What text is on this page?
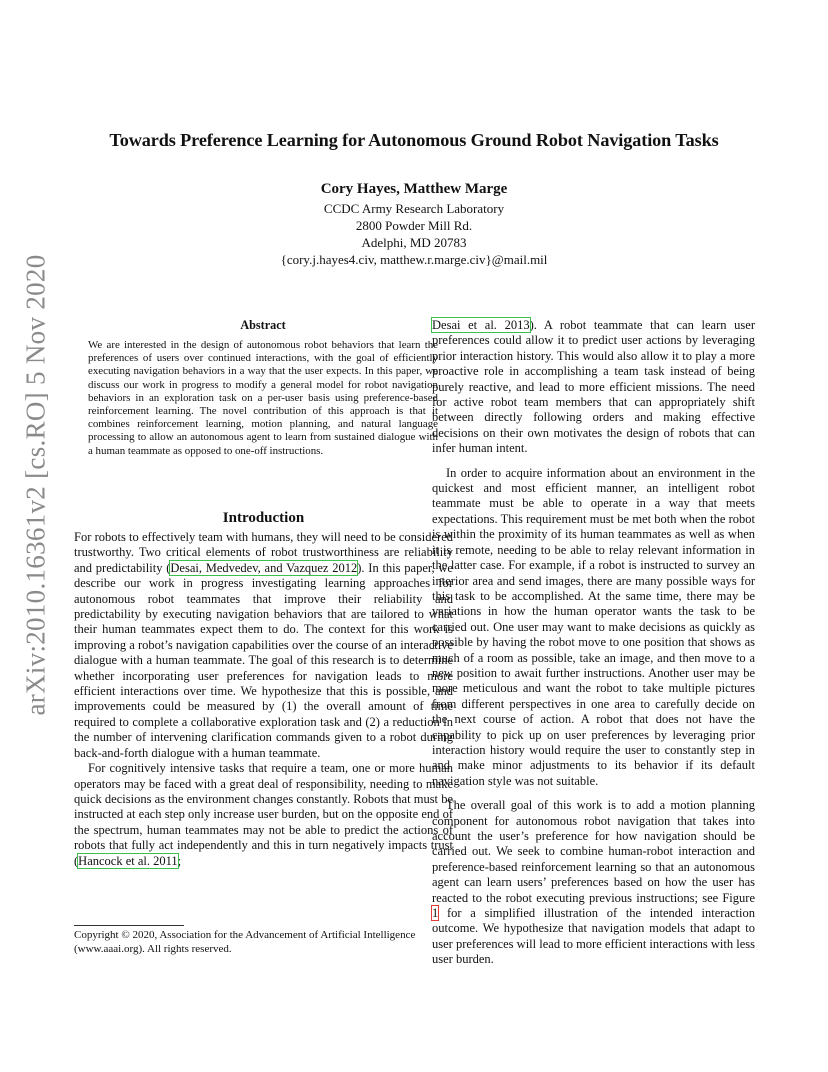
Towards Preference Learning for Autonomous Ground Robot Navigation Tasks
Cory Hayes, Matthew Marge
CCDC Army Research Laboratory
2800 Powder Mill Rd.
Adelphi, MD 20783
{cory.j.hayes4.civ, matthew.r.marge.civ}@mail.mil
arXiv:2010.16361v2 [cs.RO] 5 Nov 2020	Abstract
We are interested in the design of autonomous robot behaviors that learn the preferences of users over continued interactions, with the goal of efficiently executing navigation behaviors in a way that the user expects. In this paper, we discuss our work in progress to modify a general model for robot navigation behaviors in an exploration task on a per-user basis using preference-based reinforcement learning. The novel contribution of this approach is that it combines reinforcement learning, motion planning, and natural language processing to allow an autonomous agent to learn from sustained dialogue with a human teammate as opposed to one-off instructions.
Introduction

For robots to effectively team with humans, they will need to be considered trustworthy. Two critical elements of robot trustworthiness are reliability and predictability (Desai, Medvedev, and Vazquez 2012). In this paper, we describe our work in progress investigating learning approaches for autonomous robot teammates that improve their reliability and predictability by executing navigation behaviors that are tailored to what their human teammates expect them to do. The context for this work is improving a robot’s navigation capabilities over the course of an interactive dialogue with a human teammate. The goal of this research is to determine whether incorporating user preferences for navigation leads to more efficient interactions over time. We hypothesize that this is possible, and improvements could be measured by (1) the overall amount of time required to complete a collaborative exploration task and (2) a reduction in the number of intervening clarification commands given to a robot during back-and-forth dialogue with a human teammate.

For cognitively intensive tasks that require a team, one or more human operators may be faced with a great deal of responsibility, needing to make quick decisions as the environment changes constantly. Robots that must be instructed at each step only increase user burden, but on the opposite end of the spectrum, human teammates may not be able to predict the actions of robots that fully act independently and this in turn negatively impacts trust (Hancock et al. 2011;

Copyright © 2020, Association for the Advancement of Artificial Intelligence (www.aaai.org). All rights reserved.

Desai et al. 2013). A robot teammate that can learn user preferences could allow it to predict user actions by leveraging prior interaction history. This would also allow it to play a more proactive role in accomplishing a team task instead of being purely reactive, and lead to more efficient missions. The need for active robot team members that can appropriately shift between directly following orders and making effective decisions on their own motivates the design of robots that can infer human intent.

In order to acquire information about an environment in the quickest and most efficient manner, an intelligent robot teammate must be able to operate in a way that meets expectations. This requirement must be met both when the robot is within the proximity of its human teammates as well as when it is remote, needing to be able to relay relevant information in the latter case. For example, if a robot is instructed to survey an interior area and send images, there are many possible ways for this task to be accomplished. At the same time, there may be variations in how the human operator wants the task to be carried out. One user may want to make decisions as quickly as possible by having the robot move to one position that shows as much of a room as possible, take an image, and then move to a new position to await further instructions. Another user may be more meticulous and want the robot to take multiple pictures from different perspectives in one area to carefully decide on the next course of action. A robot that does not have the capability to pick up on user preferences by leveraging prior interaction history would require the user to constantly step in and make minor adjustments to its behavior if its default navigation style was not suitable.

The overall goal of this work is to add a motion planning component for autonomous robot navigation that takes into account the user’s preference for how navigation should be carried out. We seek to combine human-robot interaction and preference-based reinforcement learning so that an autonomous agent can learn users’ preferences based on how the user has reacted to the robot executing previous instructions; see Figure 1 for a simplified illustration of the intended interaction outcome. We hypothesize that navigation models that adapt to user preferences will lead to more efficient interactions with less user burden.
